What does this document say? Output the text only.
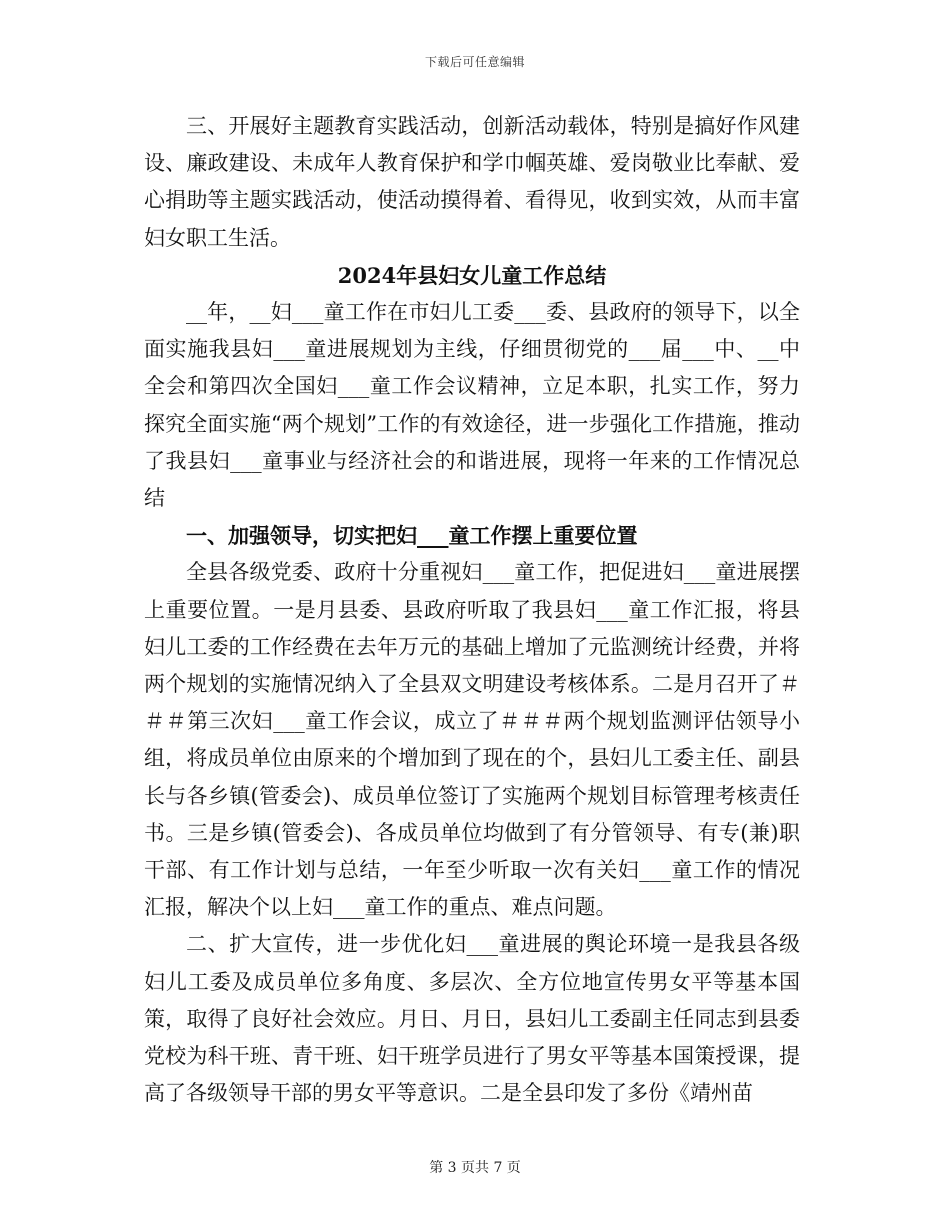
下载后可任意编辑

三、开展好主题教育实践活动，创新活动载体，特别是搞好作风建设、廉政建设、未成年人教育保护和学巾帼英雄、爱岗敬业比奉献、爱心捐助等主题实践活动，使活动摸得着、看得见，收到实效，从而丰富妇女职工生活。

2024年县妇女儿童工作总结

__年，__妇___童工作在市妇儿工委___委、县政府的领导下，以全面实施我县妇___童进展规划为主线，仔细贯彻党的___届___中、__中全会和第四次全国妇___童工作会议精神，立足本职，扎实工作，努力探究全面实施“两个规划”工作的有效途径，进一步强化工作措施，推动了我县妇___童事业与经济社会的和谐进展，现将一年来的工作情况总结

一、加强领导，切实把妇___童工作摆上重要位置

全县各级党委、政府十分重视妇___童工作，把促进妇___童进展摆上重要位置。一是月县委、县政府听取了我县妇___童工作汇报，将县妇儿工委的工作经费在去年万元的基础上增加了元监测统计经费，并将两个规划的实施情况纳入了全县双文明建设考核体系。二是月召开了＃＃＃第三次妇___童工作会议，成立了＃＃＃两个规划监测评估领导小组，将成员单位由原来的个增加到了现在的个，县妇儿工委主任、副县长与各乡镇(管委会)、成员单位签订了实施两个规划目标管理考核责任书。三是乡镇(管委会)、各成员单位均做到了有分管领导、有专(兼)职干部、有工作计划与总结，一年至少听取一次有关妇___童工作的情况汇报，解决个以上妇___童工作的重点、难点问题。

二、扩大宣传，进一步优化妇___童进展的舆论环境一是我县各级妇儿工委及成员单位多角度、多层次、全方位地宣传男女平等基本国策，取得了良好社会效应。月日、月日，县妇儿工委副主任同志到县委党校为科干班、青干班、妇干班学员进行了男女平等基本国策授课，提高了各级领导干部的男女平等意识。二是全县印发了多份《靖州苗

第 3 页共 7 页
